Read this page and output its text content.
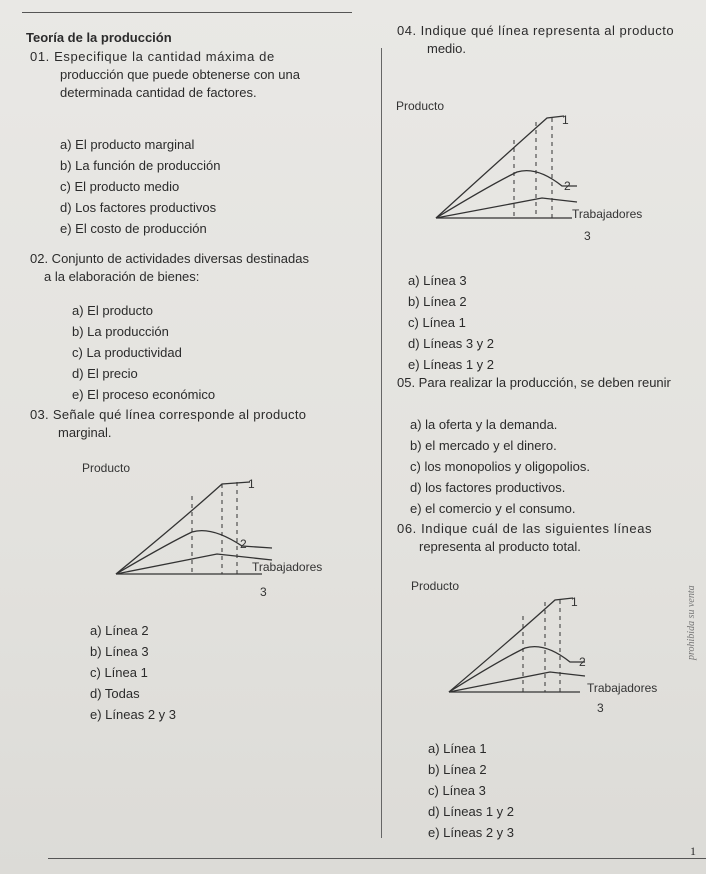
Teoría de la producción
01. Especifique la cantidad máxima de
producción que puede obtenerse con una
determinada cantidad de factores.
a) El producto marginal
b) La función de producción
c) El producto medio
d) Los factores productivos
e) El costo de producción
02. Conjunto de actividades diversas destinadas
a la elaboración de bienes:
a) El producto
b) La producción
c) La productividad
d) El precio
e) El proceso económico
03. Señale qué línea corresponde al producto
marginal.
Producto
1
2
3
Trabajadores
a) Línea 2
b) Línea 3
c) Línea 1
d) Todas
e) Líneas 2 y 3
04. Indique qué línea representa al producto
medio.
Producto
1
2
3
Trabajadores
a) Línea 3
b) Línea 2
c) Línea 1
d) Líneas 3 y 2
e) Líneas 1 y 2
05. Para realizar la producción, se deben reunir
a) la oferta y la demanda.
b) el mercado y el dinero.
c) los monopolios y oligopolios.
d) los factores productivos.
e) el comercio y el consumo.
06. Indique cuál de las siguientes líneas
representa al producto total.
Producto
1
2
3
Trabajadores
a) Línea 1
b) Línea 2
c) Línea 3
d) Líneas 1 y 2
e) Líneas 2 y 3
prohibida su venta
1
